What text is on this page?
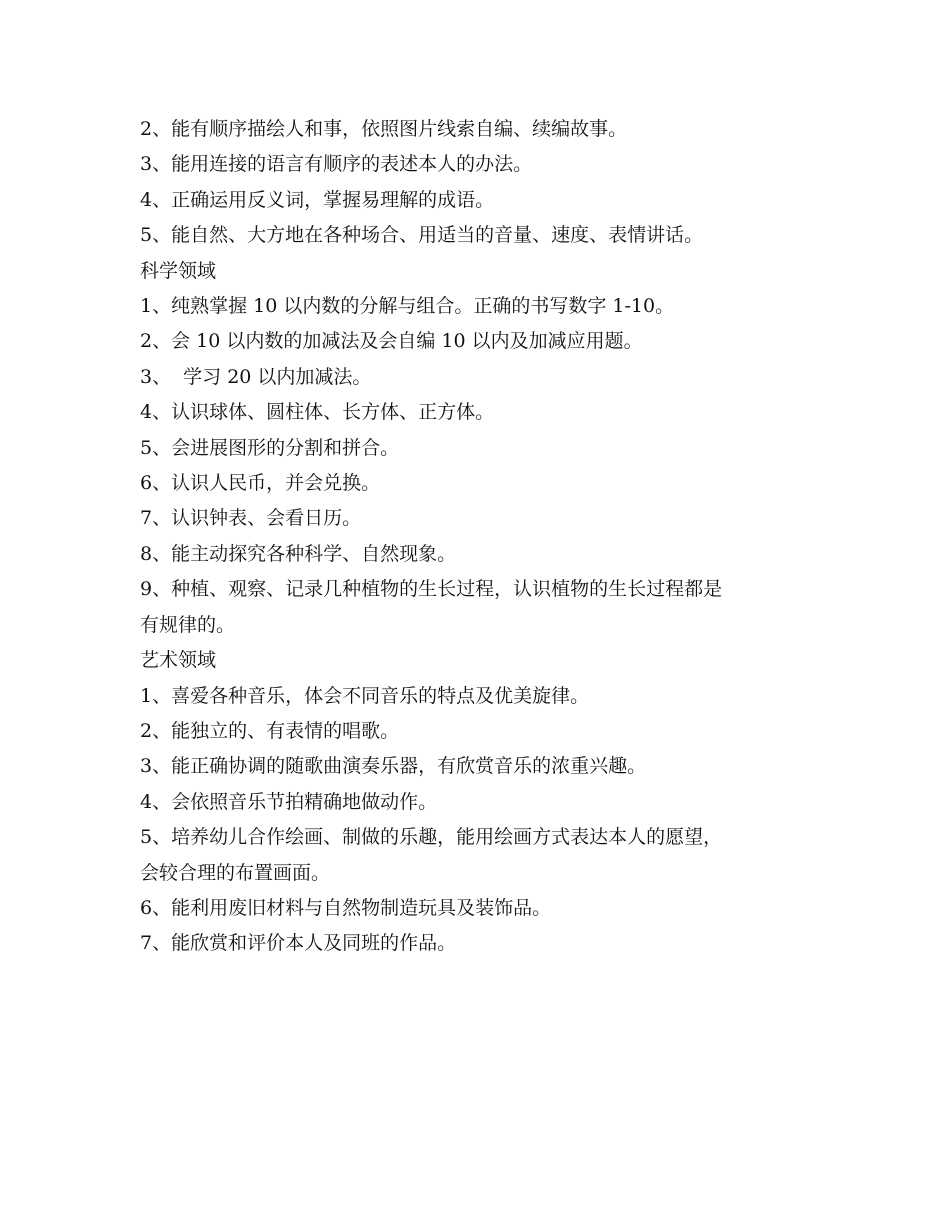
2、能有顺序描绘人和事，依照图片线索自编、续编故事。

3、能用连接的语言有顺序的表述本人的办法。

4、正确运用反义词，掌握易理解的成语。

5、能自然、大方地在各种场合、用适当的音量、速度、表情讲话。

科学领域

1、纯熟掌握 10 以内数的分解与组合。正确的书写数字 1-10。

2、会 10 以内数的加减法及会自编 10 以内及加减应用题。

3、  学习 20 以内加减法。

4、认识球体、圆柱体、长方体、正方体。

5、会进展图形的分割和拼合。

6、认识人民币，并会兑换。

7、认识钟表、会看日历。

8、能主动探究各种科学、自然现象。

9、种植、观察、记录几种植物的生长过程，认识植物的生长过程都是

有规律的。

艺术领域

1、喜爱各种音乐，体会不同音乐的特点及优美旋律。

2、能独立的、有表情的唱歌。

3、能正确协调的随歌曲演奏乐器，有欣赏音乐的浓重兴趣。

4、会依照音乐节拍精确地做动作。

5、培养幼儿合作绘画、制做的乐趣，能用绘画方式表达本人的愿望，

会较合理的布置画面。

6、能利用废旧材料与自然物制造玩具及装饰品。

7、能欣赏和评价本人及同班的作品。
